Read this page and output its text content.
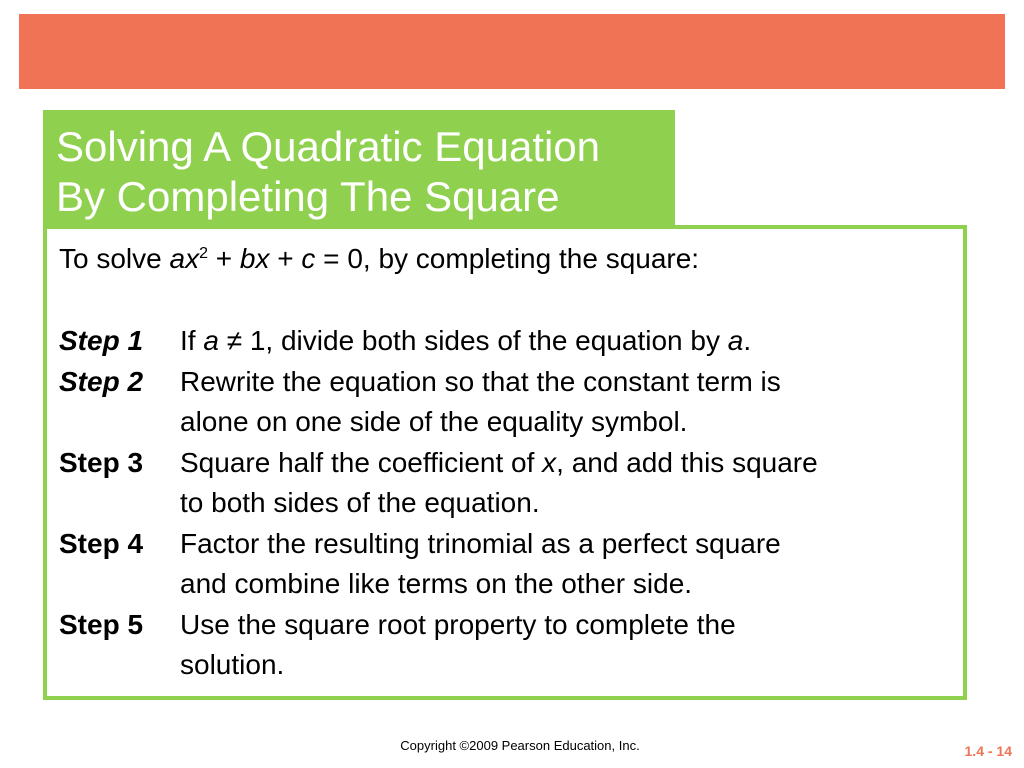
Solving A Quadratic Equation
By Completing The Square
To solve $ax^2$ + bx + c = 0, by completing the square:
Step 1	If a ≠ 1, divide both sides of the equation by a.
Step 2	Rewrite the equation so that the constant term is
alone on one side of the equality symbol.
Step 3	Square half the coefficient of x, and add this square
to both sides of the equation.
Step 4	Factor the resulting trinomial as a perfect square
and combine like terms on the other side.
Step 5	Use the square root property to complete the
solution.
Copyright ©2009 Pearson Education, Inc.	1.4 - 14
